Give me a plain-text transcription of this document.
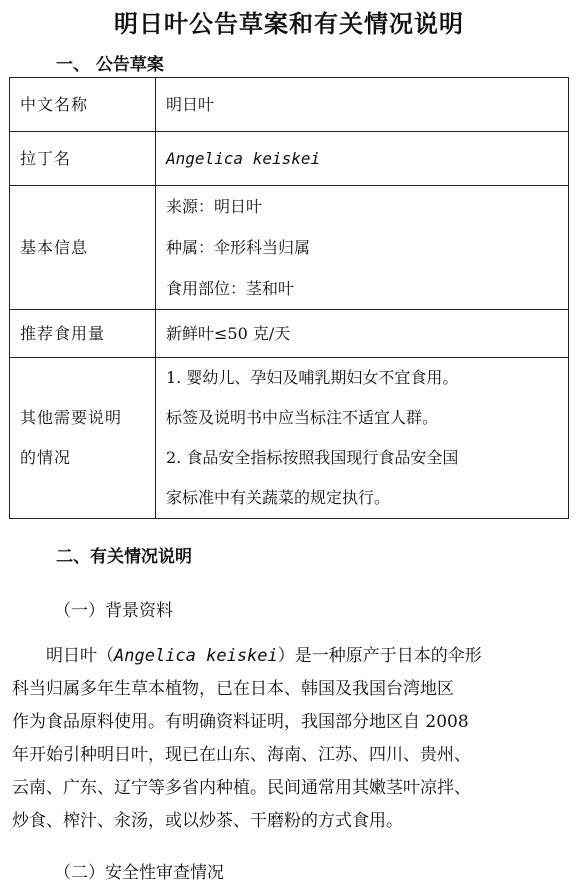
明日叶公告草案和有关情况说明
一、 公告草案
中文名称	明日叶

拉丁名	Angelica keiskei

基本信息	来源：明日叶
种属：伞形科当归属
食用部位：茎和叶

推荐食用量	新鲜叶≤50 克/天

其他需要说明
的情况	1. 婴幼儿、孕妇及哺乳期妇女不宜食用。
标签及说明书中应当标注不适宜人群。
2. 食品安全指标按照我国现行食品安全国
家标准中有关蔬菜的规定执行。
二、有关情况说明
（一）背景资料
明日叶（Angelica keiskei）是一种原产于日本的伞形
科当归属多年生草本植物，已在日本、韩国及我国台湾地区
作为食品原料使用。有明确资料证明，我国部分地区自 2008
年开始引种明日叶，现已在山东、海南、江苏、四川、贵州、
云南、广东、辽宁等多省内种植。民间通常用其嫩茎叶凉拌、
炒食、榨汁、汆汤，或以炒茶、干磨粉的方式食用。
（二）安全性审查情况
